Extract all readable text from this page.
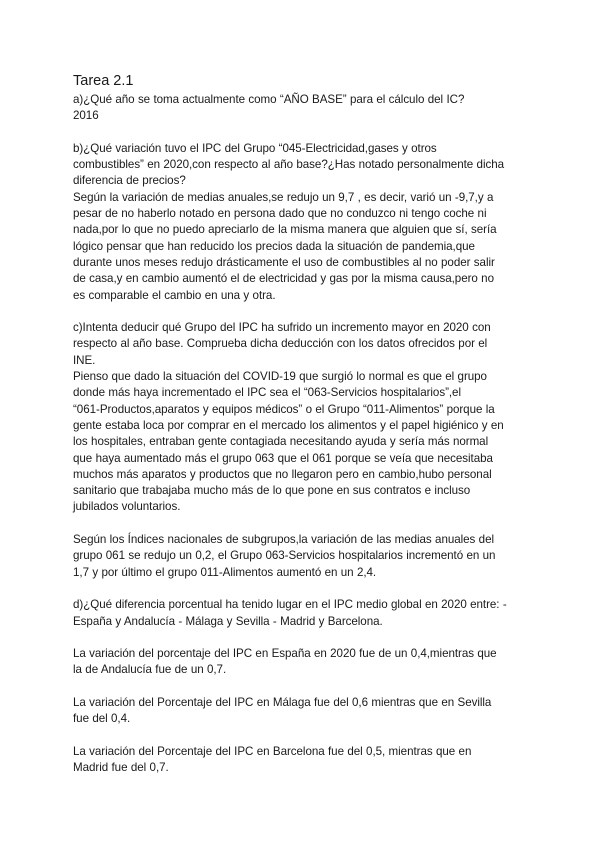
Tarea 2.1
a)¿Qué año se toma actualmente como “AÑO BASE” para el cálculo del IC?
2016
b)¿Qué variación tuvo el IPC del Grupo “045-Electricidad,gases y otros
combustibles” en 2020,con respecto al año base?¿Has notado personalmente dicha
diferencia de precios?
Según la variación de medias anuales,se redujo un 9,7 , es decir, varió un -9,7,y a
pesar de no haberlo notado en persona dado que no conduzco ni tengo coche ni
nada,por lo que no puedo apreciarlo de la misma manera que alguien que sí, sería
lógico pensar que han reducido los precios dada la situación de pandemia,que
durante unos meses redujo drásticamente el uso de combustibles al no poder salir
de casa,y en cambio aumentó el de electricidad y gas por la misma causa,pero no
es comparable el cambio en una y otra.
c)Intenta deducir qué Grupo del IPC ha sufrido un incremento mayor en 2020 con
respecto al año base. Comprueba dicha deducción con los datos ofrecidos por el
INE.
Pienso que dado la situación del COVID-19 que surgió lo normal es que el grupo
donde más haya incrementado el IPC sea el “063-Servicios hospitalarios”,el
“061-Productos,aparatos y equipos médicos” o el Grupo “011-Alimentos” porque la
gente estaba loca por comprar en el mercado los alimentos y el papel higiénico y en
los hospitales, entraban gente contagiada necesitando ayuda y sería más normal
que haya aumentado más el grupo 063 que el 061 porque se veía que necesitaba
muchos más aparatos y productos que no llegaron pero en cambio,hubo personal
sanitario que trabajaba mucho más de lo que pone en sus contratos e incluso
jubilados voluntarios.
Según los Índices nacionales de subgrupos,la variación de las medias anuales del
grupo 061 se redujo un 0,2, el Grupo 063-Servicios hospitalarios incrementó en un
1,7 y por último el grupo 011-Alimentos aumentó en un 2,4.
d)¿Qué diferencia porcentual ha tenido lugar en el IPC medio global en 2020 entre: -
España y Andalucía - Málaga y Sevilla - Madrid y Barcelona.
La variación del porcentaje del IPC en España en 2020 fue de un 0,4,mientras que
la de Andalucía fue de un 0,7.
La variación del Porcentaje del IPC en Málaga fue del 0,6 mientras que en Sevilla
fue del 0,4.
La variación del Porcentaje del IPC en Barcelona fue del 0,5, mientras que en
Madrid fue del 0,7.
